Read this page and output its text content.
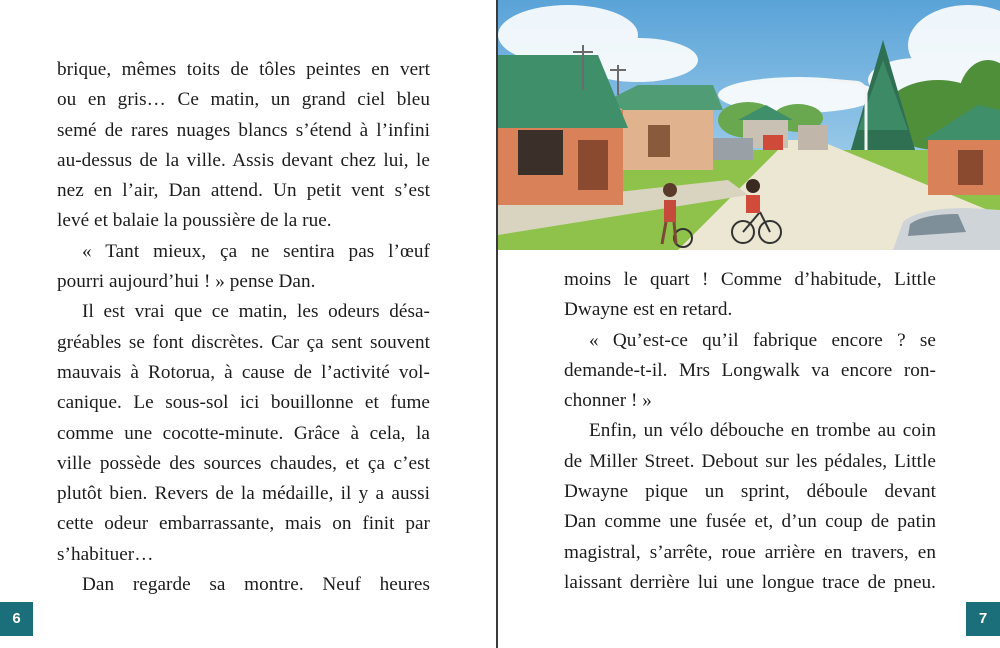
brique, mêmes toits de tôles peintes en vert
ou en gris… Ce matin, un grand ciel bleu
semé de rares nuages blancs s’étend à l’infini
au-dessus de la ville. Assis devant chez lui, le
nez en l’air, Dan attend. Un petit vent s’est
levé et balaie la poussière de la rue.
« Tant mieux, ça ne sentira pas l’œuf
pourri aujourd’hui ! » pense Dan.
Il est vrai que ce matin, les odeurs désa-
gréables se font discrètes. Car ça sent souvent
mauvais à Rotorua, à cause de l’activité vol-
canique. Le sous-sol ici bouillonne et fume
comme une cocotte-minute. Grâce à cela, la
ville possède des sources chaudes, et ça c’est
plutôt bien. Revers de la médaille, il y a aussi
cette odeur embarrassante, mais on finit par
s’habituer…
Dan regarde sa montre. Neuf heures
6
moins le quart ! Comme d’habitude, Little
Dwayne est en retard.
« Qu’est-ce qu’il fabrique encore ? se
demande-t-il. Mrs Longwalk va encore ron-
chonner ! »
Enfin, un vélo débouche en trombe au coin
de Miller Street. Debout sur les pédales, Little
Dwayne pique un sprint, déboule devant
Dan comme une fusée et, d’un coup de patin
magistral, s’arrête, roue arrière en travers, en
laissant derrière lui une longue trace de pneu.
7
